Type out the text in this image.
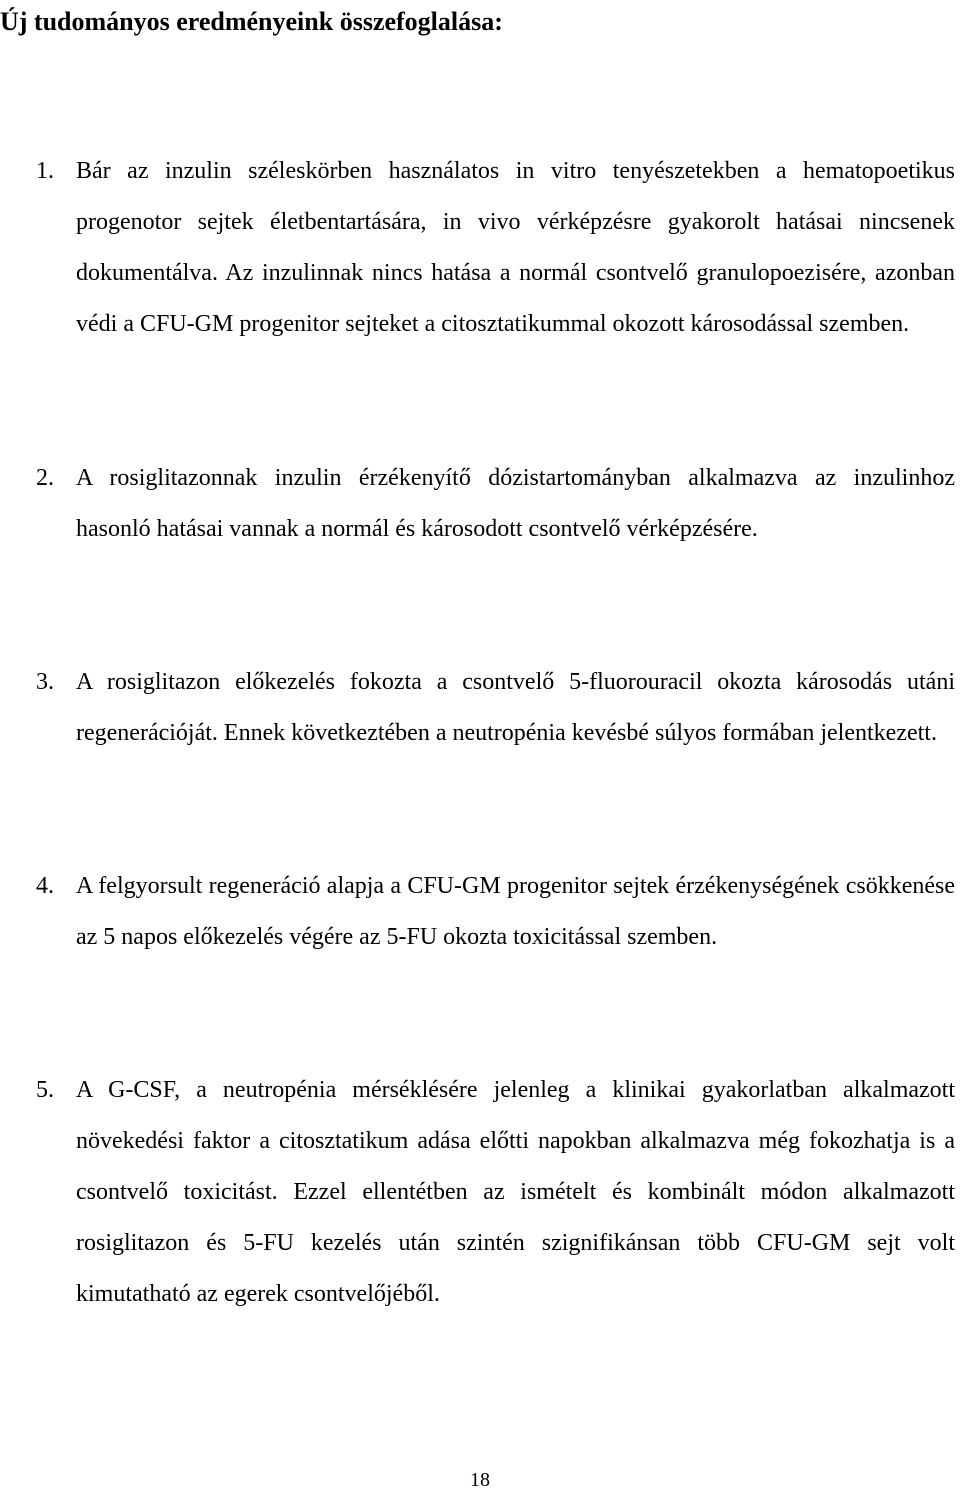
Új tudományos eredményeink összefoglalása:
1. Bár az inzulin széleskörben használatos in vitro tenyészetekben a hematopoetikus progenotor sejtek életbentartására, in vivo vérképzésre gyakorolt hatásai nincsenek dokumentálva. Az inzulinnak nincs hatása a normál csontvelő granulopoezisére, azonban védi a CFU-GM progenitor sejteket a citosztatikummal okozott károsodással szemben.
2. A rosiglitazonnak inzulin érzékenyítő dózistartományban alkalmazva az inzulinhoz hasonló hatásai vannak a normál és károsodott csontvelő vérképzésére.
3. A rosiglitazon előkezelés fokozta a csontvelő 5-fluorouracil okozta károsodás utáni regenerációját. Ennek következtében a neutropénia kevésbé súlyos formában jelentkezett.
4. A felgyorsult regeneráció alapja a CFU-GM progenitor sejtek érzékenységének csökkenése az 5 napos előkezelés végére az 5-FU okozta toxicitással szemben.
5. A G-CSF, a neutropénia mérséklésére jelenleg a klinikai gyakorlatban alkalmazott növekedési faktor a citosztatikum adása előtti napokban alkalmazva még fokozhatja is a csontvelő toxicitást. Ezzel ellentétben az ismételt és kombinált módon alkalmazott rosiglitazon és 5-FU kezelés után szintén szignifikánsan több CFU-GM sejt volt kimutatható az egerek csontvelőjéből.
18
